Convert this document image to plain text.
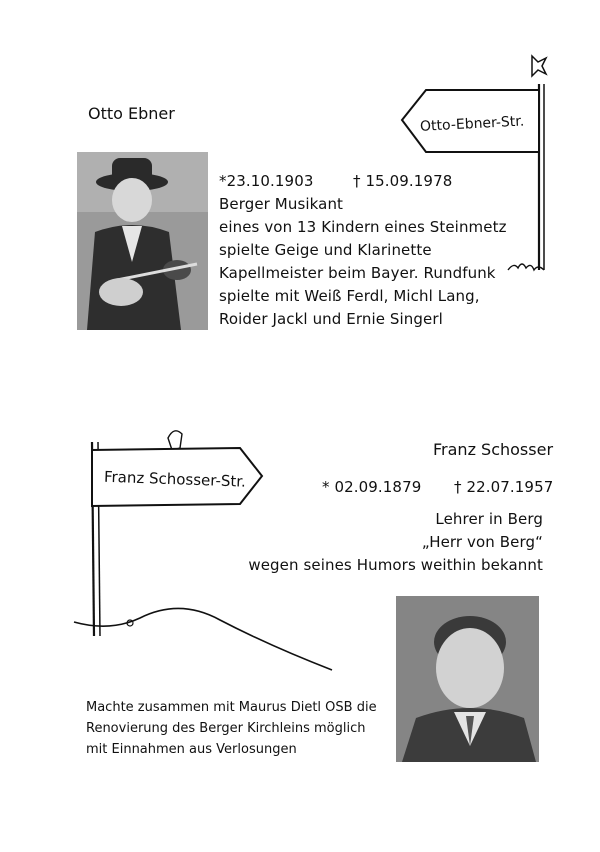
Otto Ebner	Otto-Ebner-Str.
*23.10.1903	† 15.09.1978
Berger Musikant
eines von 13 Kindern eines Steinmetz
spielte Geige und Klarinette
Kapellmeister beim Bayer. Rundfunk
spielte mit Weiß Ferdl, Michl Lang,
Roider Jackl und Ernie Singerl
Franz Schosser-Str.
Franz Schosser
* 02.09.1879 † 22.07.1957
Lehrer in Berg
„Herr von Berg“
wegen seines Humors weithin bekannt
Machte zusammen mit Maurus Dietl OSB die
Renovierung des Berger Kirchleins möglich
mit Einnahmen aus Verlosungen
